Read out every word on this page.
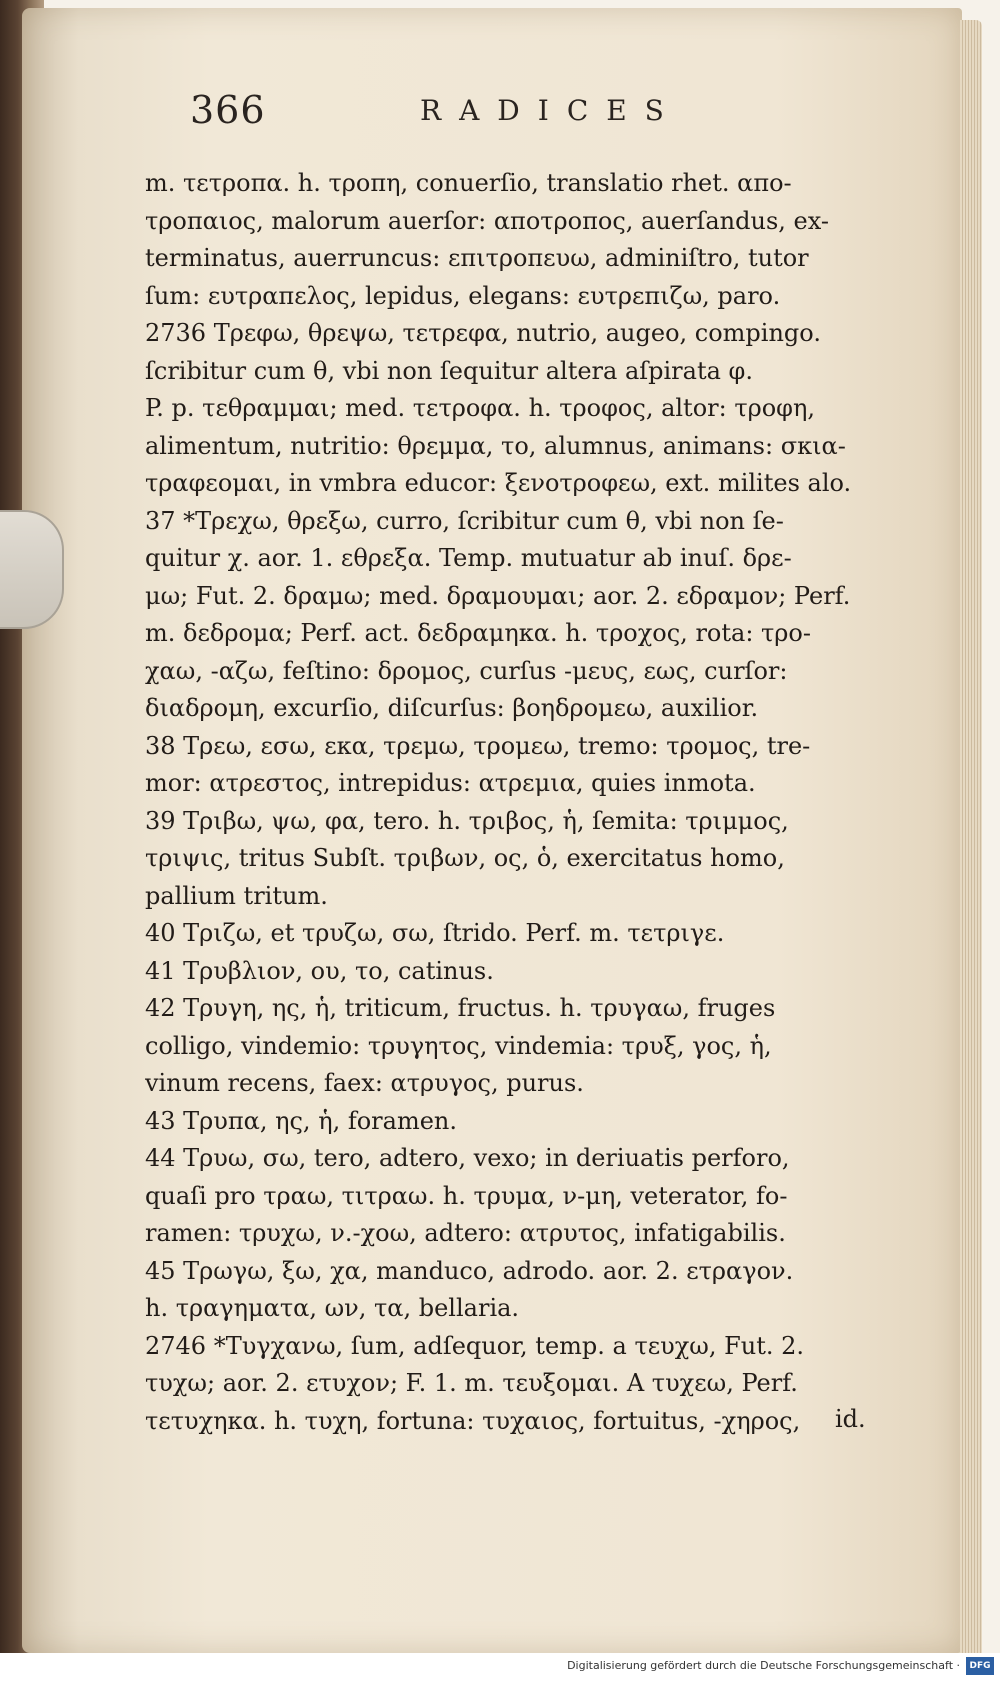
366	RADICES
m. τετροπα. h. τροπη, conuerſio, translatio rhet. απο-
τροπαιος, malorum auerſor: αποτροπος, auerſandus, ex-
terminatus, auerruncus: επιτροπευω, adminiſtro, tutor
ſum: ευτραπελος, lepidus, elegans: ευτρεπιζω, paro.
2736 Τρεφω, θρεψω, τετρεφα, nutrio, augeo, compingo.
ſcribitur cum θ, vbi non ſequitur altera aſpirata φ.
P. p. τεθραμμαι; med. τετροφα. h. τροφος, altor: τροφη,
alimentum, nutritio: θρεμμα, το, alumnus, animans: σκια-
τραφεομαι, in vmbra educor: ξενοτροφεω, ext. milites alo.
37 *Τρεχω, θρεξω, curro, ſcribitur cum θ, vbi non ſe-
quitur χ. aor. 1. εθρεξα. Temp. mutuatur ab inuſ. δρε-
μω; Fut. 2. δραμω; med. δραμουμαι; aor. 2. εδραμον; Perf.
m. δεδρομα; Perf. act. δεδραμηκα. h. τροχος, rota: τρο-
χαω, -αζω, feſtino: δρομος, curſus -μευς, εως, curſor:
διαδρομη, excurſio, diſcurſus: βοηδρομεω, auxilior.
38 Τρεω, εσω, εκα, τρεμω, τρομεω, tremo: τρομος, tre-
mor: ατρεστος, intrepidus: ατρεμια, quies inmota.
39 Τριβω, ψω, φα, tero. h. τριβος, ἡ, ſemita: τριμμος,
τριψις, tritus Subſt. τριβων, ος, ὁ, exercitatus homo,
pallium tritum.
40 Τριζω, et τρυζω, σω, ſtrido. Perf. m. τετριγε.
41 Τρυβλιον, ου, το, catinus.
42 Τρυγη, ης, ἡ, triticum, fructus. h. τρυγαω, fruges
colligo, vindemio: τρυγητος, vindemia: τρυξ, γος, ἡ,
vinum recens, faex: ατρυγος, purus.
43 Τρυπα, ης, ἡ, foramen.
44 Τρυω, σω, tero, adtero, vexo; in deriuatis perforo,
quaſi pro τραω, τιτραω. h. τρυμα, ν-μη, veterator, fo-
ramen: τρυχω, ν.-χοω, adtero: ατρυτος, infatigabilis.
45 Τρωγω, ξω, χα, manduco, adrodo. aor. 2. ετραγον.
h. τραγηματα, ων, τα, bellaria.
2746 *Τυγχανω, ſum, adſequor, temp. a τευχω, Fut. 2.
τυχω; aor. 2. ετυχον; F. 1. m. τευξομαι. A τυχεω, Perf.
τετυχηκα. h. τυχη, fortuna: τυχαιος, fortuitus, -χηρος,	id.
Digitalisierung gefördert durch die Deutsche Forschungsgemeinschaft ·	DFG
